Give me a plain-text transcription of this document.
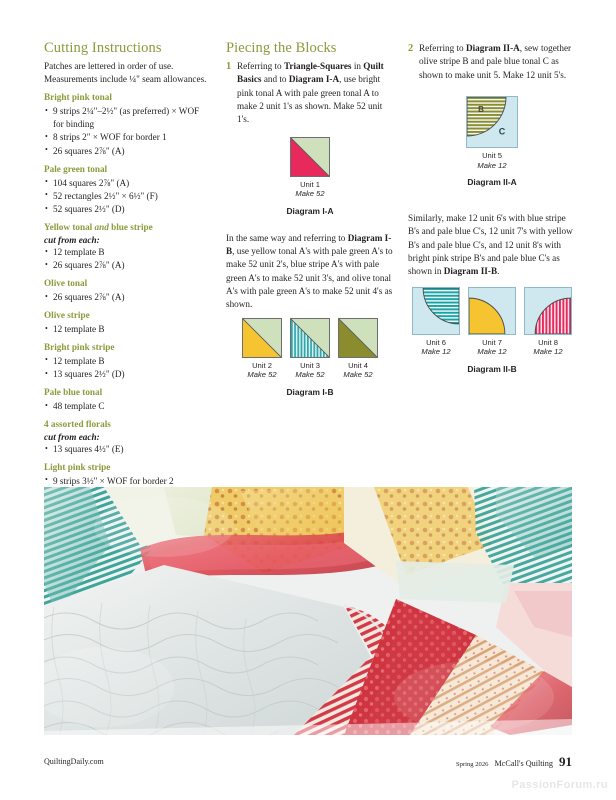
Cutting Instructions

Patches are lettered in order of use. Measurements include ¼" seam allowances.

Bright pink tonal
• 9 strips 2¼"–2½" (as preferred) × WOF for binding
• 8 strips 2" × WOF for border 1
• 26 squares 2⅞" (A)
Pale green tonal
• 104 squares 2⅞" (A)
• 52 rectangles 2½" × 6½" (F)
• 52 squares 2½" (D)
Yellow tonal and blue stripe
cut from each:
• 12 template B
• 26 squares 2⅞" (A)
Olive tonal
• 26 squares 2⅞" (A)
Olive stripe
• 12 template B
Bright pink stripe
• 12 template B
• 13 squares 2½" (D)
Pale blue tonal
• 48 template C
4 assorted florals
cut from each:
• 13 squares 4½" (E)
Light pink stripe
• 9 strips 3½" × WOF for border 2
Piecing the Blocks
1 Referring to Triangle-Squares in Quilt Basics and to Diagram I-A, use bright pink tonal A with pale green tonal A to make 2 unit 1's as shown. Make 52 unit 1's.
Unit 1
Make 52
Diagram I-A

In the same way and referring to Diagram I-B, use yellow tonal A's with pale green A's to make 52 unit 2's, blue stripe A's with pale green A's to make 52 unit 3's, and olive tonal A's with pale green A's to make 52 unit 4's as shown.

Unit 2
Make 52
Unit 3
Make 52
Unit 4
Make 52
Diagram I-B
2 Referring to Diagram II-A, sew together olive stripe B and pale blue tonal C as shown to make unit 5. Make 12 unit 5's.
B
C
Unit 5
Make 12
Diagram II-A

Similarly, make 12 unit 6's with blue stripe B's and pale blue C's, 12 unit 7's with yellow B's and pale blue C's, and 12 unit 8's with bright pink stripe B's and pale blue C's as shown in Diagram II-B.

Unit 6
Make 12
Unit 7
Make 12
Unit 8
Make 12
Diagram II-B
QuiltingDaily.com	Spring 2026 McCall's Quilting 91
PassionForum.ru
